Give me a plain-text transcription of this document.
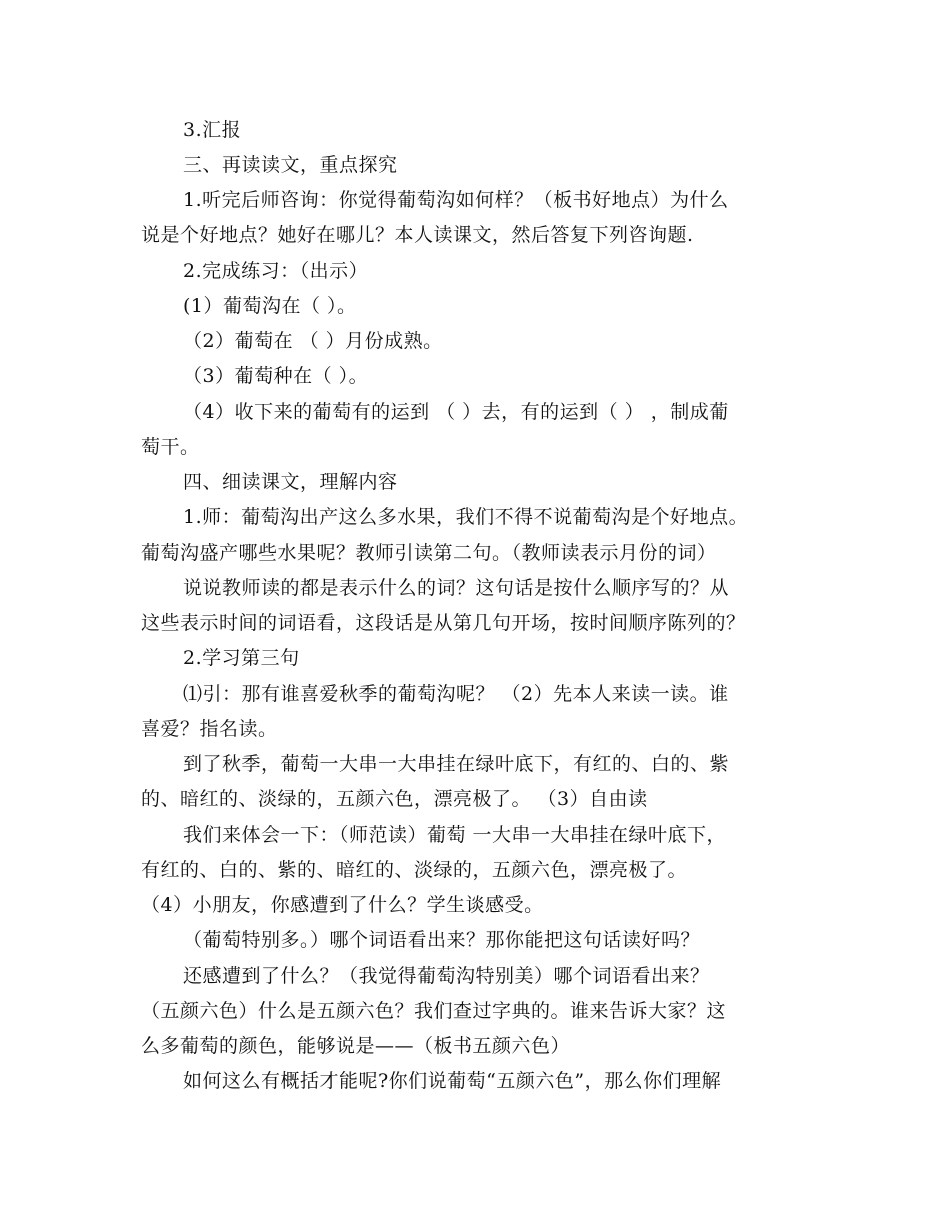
3.汇报
三、再读读文，重点探究
1.听完后师咨询：你觉得葡萄沟如何样？（板书好地点）为什么
说是个好地点？她好在哪儿？本人读课文，然后答复下列咨询题.
2.完成练习：（出示）
(1）葡萄沟在（ ）。
（2）葡萄在 （ ）月份成熟。
（3）葡萄种在（ ）。
（4）收下来的葡萄有的运到 （ ）去，有的运到（ ） ，制成葡
萄干。
四、细读课文，理解内容
1.师：葡萄沟出产这么多水果，我们不得不说葡萄沟是个好地点。
葡萄沟盛产哪些水果呢？教师引读第二句。（教师读表示月份的词）
说说教师读的都是表示什么的词？这句话是按什么顺序写的？从
这些表示时间的词语看，这段话是从第几句开场，按时间顺序陈列的？
2.学习第三句
⑴引：那有谁喜爱秋季的葡萄沟呢？ （2）先本人来读一读。谁
喜爱？指名读。
到了秋季，葡萄一大串一大串挂在绿叶底下，有红的、白的、紫
的、暗红的、淡绿的，五颜六色，漂亮极了。 （3）自由读
我们来体会一下：（师范读）葡萄 一大串一大串挂在绿叶底下，
有红的、白的、紫的、暗红的、淡绿的，五颜六色，漂亮极了。
（4）小朋友，你感遭到了什么？学生谈感受。
（葡萄特别多。）哪个词语看出来？那你能把这句话读好吗？
还感遭到了什么？（我觉得葡萄沟特别美）哪个词语看出来？
（五颜六色）什么是五颜六色？我们查过字典的。谁来告诉大家？这
么多葡萄的颜色，能够说是——（板书五颜六色）
如何这么有概括才能呢?你们说葡萄“五颜六色”，那么你们理解
